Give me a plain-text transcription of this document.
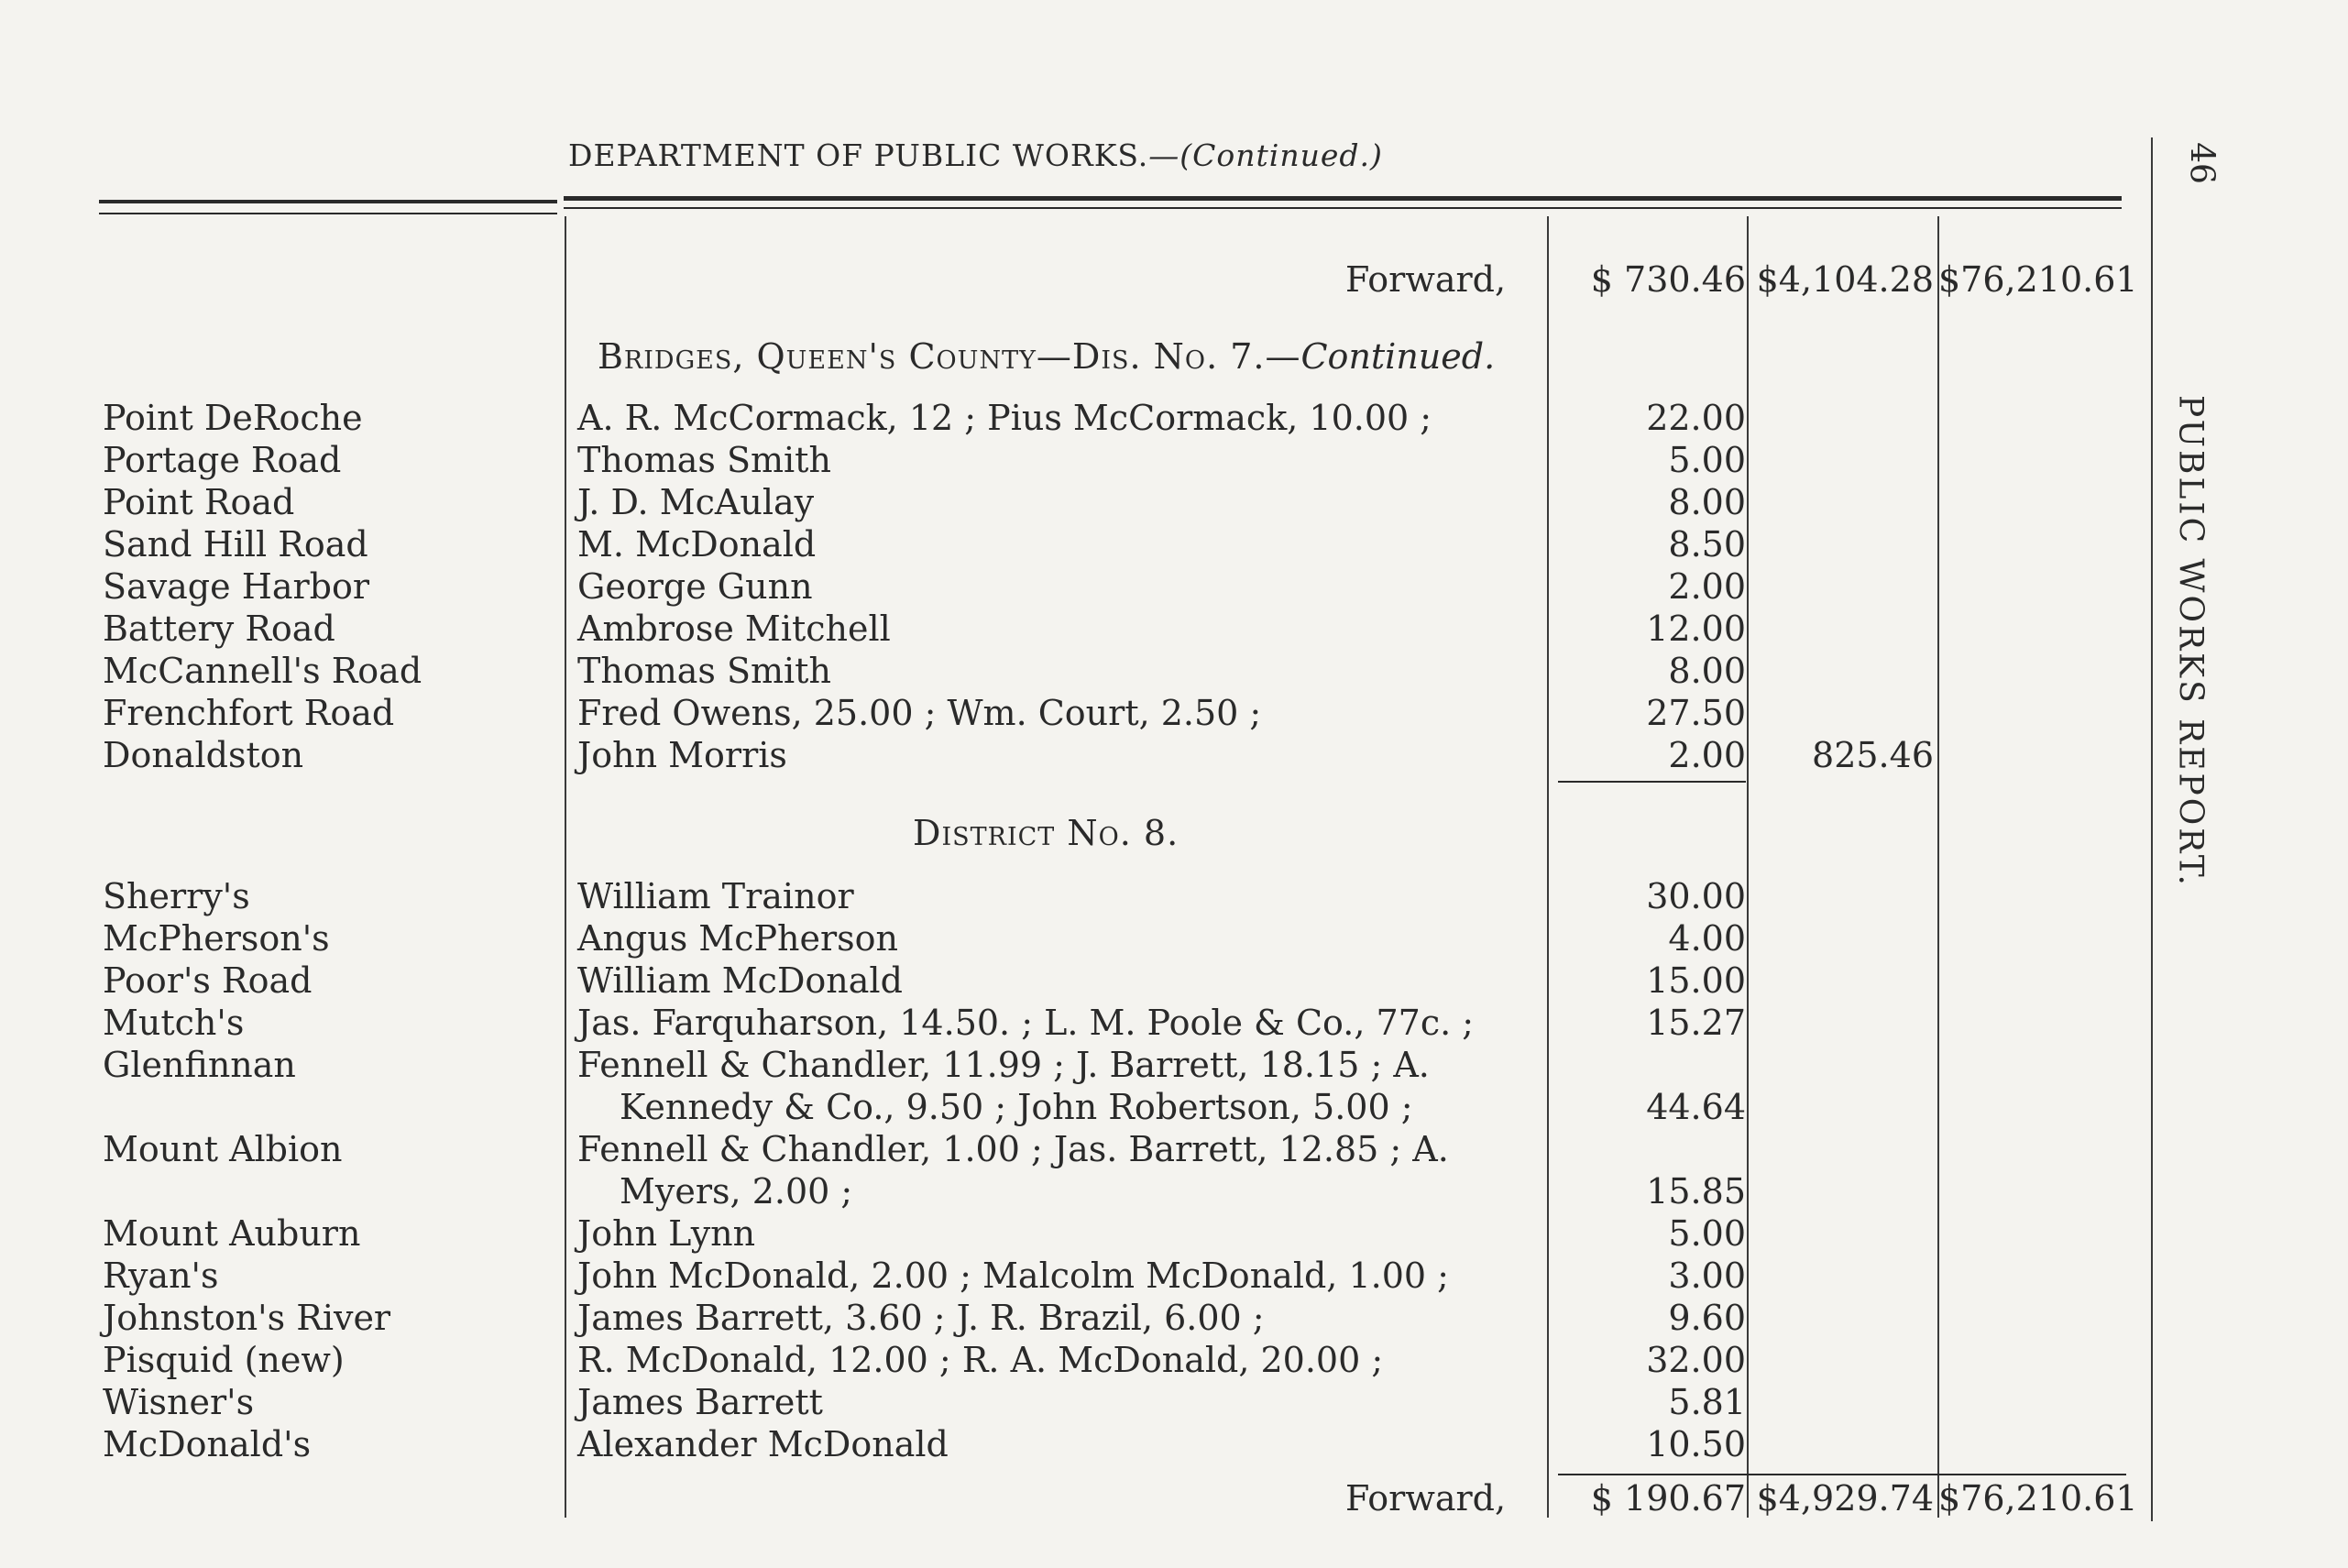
DEPARTMENT OF PUBLIC WORKS.—(Continued.)	46
PUBLIC WORKS REPORT.
Forward,	$ 730.46 $4,104.28 $76,210.61
Bridges, Queen's County—Dis. No. 7.—Continued.
Point DeRoche	A. R. McCormack, 12 ; Pius McCormack, 10.00 ;	22.00
Portage Road	Thomas Smith	5.00
Point Road	J. D. McAulay	8.00
Sand Hill Road	M. McDonald	8.50
Savage Harbor	George Gunn	2.00
Battery Road	Ambrose Mitchell	12.00
McCannell's Road	Thomas Smith	8.00
Frenchfort Road	Fred Owens, 25.00 ; Wm. Court, 2.50 ;	27.50
Donaldston	John Morris	2.00	825.46
District No. 8.
Sherry's	William Trainor	30.00
McPherson's	Angus McPherson	4.00
Poor's Road	William McDonald	15.00
Mutch's	Jas. Farquharson, 14.50. ; L. M. Poole & Co., 77c. ;	15.27
Glenfinnan	Fennell & Chandler, 11.99 ; J. Barrett, 18.15 ; A.
Kennedy & Co., 9.50 ; John Robertson, 5.00 ;	44.64
Mount Albion	Fennell & Chandler, 1.00 ; Jas. Barrett, 12.85 ; A.
Myers, 2.00 ;	15.85
Mount Auburn	John Lynn	5.00
Ryan's	John McDonald, 2.00 ; Malcolm McDonald, 1.00 ;	3.00
Johnston's River	James Barrett, 3.60 ; J. R. Brazil, 6.00 ;	9.60
Pisquid (new)	R. McDonald, 12.00 ; R. A. McDonald, 20.00 ;	32.00
Wisner's	James Barrett	5.81
McDonald's	Alexander McDonald	10.50
Forward,	$ 190.67 $4,929.74 $76,210.61
